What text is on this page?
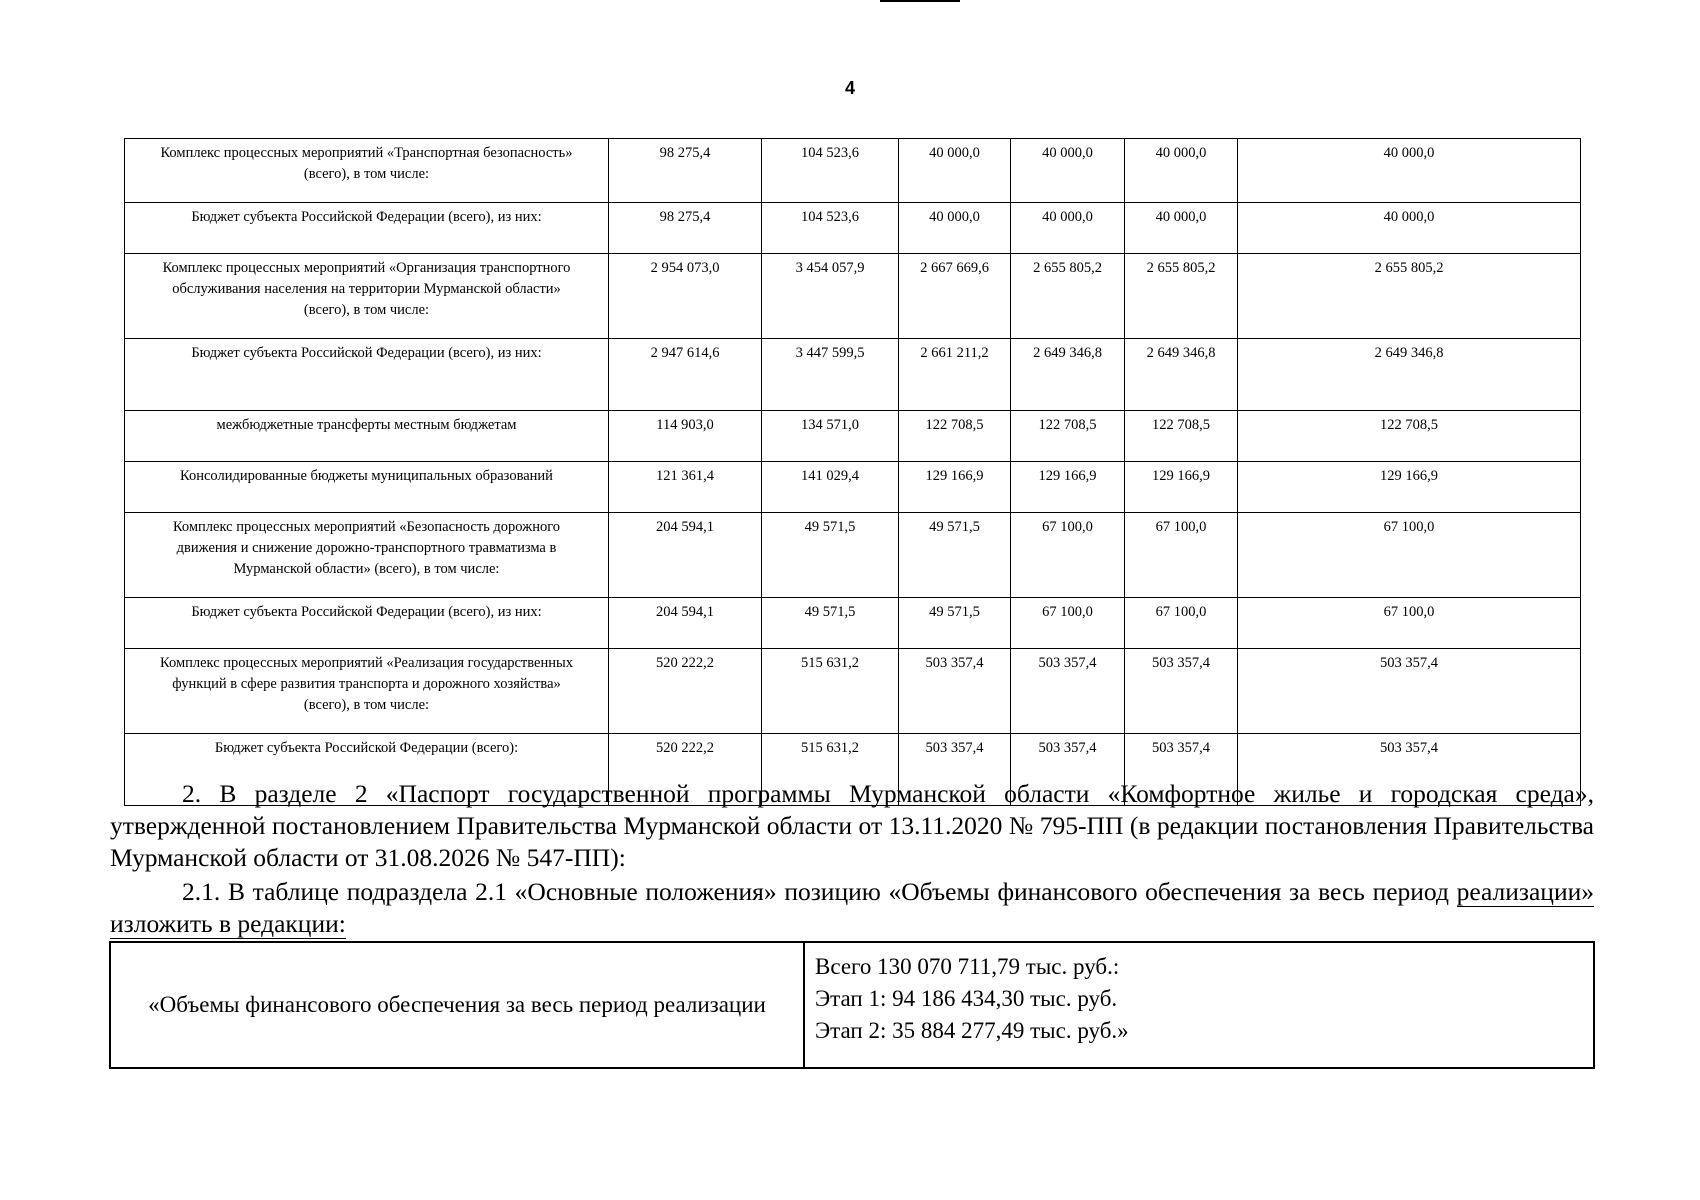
4
Комплекс процессных мероприятий «Транспортная безопасность» (всего), в том числе:	98 275,4	104 523,6	40 000,0	40 000,0	40 000,0	40 000,0	
Бюджет субъекта Российской Федерации (всего), из них:	98 275,4	104 523,6	40 000,0	40 000,0	40 000,0	40 000,0	
Комплекс процессных мероприятий «Организация транспортного обслуживания населения на территории Мурманской области» (всего), в том числе:	2 954 073,0	3 454 057,9	2 667 669,6	2 655 805,2	2 655 805,2	2 655 805,2	
Бюджет субъекта Российской Федерации (всего), из них:	2 947 614,6	3 447 599,5	2 661 211,2	2 649 346,8	2 649 346,8	2 649 346,8	
межбюджетные трансферты местным бюджетам	114 903,0	134 571,0	122 708,5	122 708,5	122 708,5	122 708,5	
Консолидированные бюджеты муниципальных образований	121 361,4	141 029,4	129 166,9	129 166,9	129 166,9	129 166,9	
Комплекс процессных мероприятий «Безопасность дорожного движения и снижение дорожно-транспортного травматизма в Мурманской области» (всего), в том числе:	204 594,1	49 571,5	49 571,5	67 100,0	67 100,0	67 100,0	
Бюджет субъекта Российской Федерации (всего), из них:	204 594,1	49 571,5	49 571,5	67 100,0	67 100,0	67 100,0	
Комплекс процессных мероприятий «Реализация государственных функций в сфере развития транспорта и дорожного хозяйства» (всего), в том числе:	520 222,2	515 631,2	503 357,4	503 357,4	503 357,4	503 357,4	
Бюджет субъекта Российской Федерации (всего):	520 222,2	515 631,2	503 357,4	503 357,4	503 357,4	503 357,4	
2. В разделе 2 «Паспорт государственной программы Мурманской области «Комфортное жилье и городская среда», утвержденной постановлением Правительства Мурманской области от 13.11.2020 № 795-ПП (в редакции постановления Правительства Мурманской области от 31.08.2026 № 547-ПП):
2.1. В таблице подраздела 2.1 «Основные положения» позицию «Объемы финансового обеспечения за весь период реализации» изложить в редакции:
«Объемы финансового обеспечения за весь период реализации	
Всего 130 070 711,79 тыс. руб.:
Этап 1: 94 186 434,30 тыс. руб.
Этап 2: 35 884 277,49 тыс. руб.»
